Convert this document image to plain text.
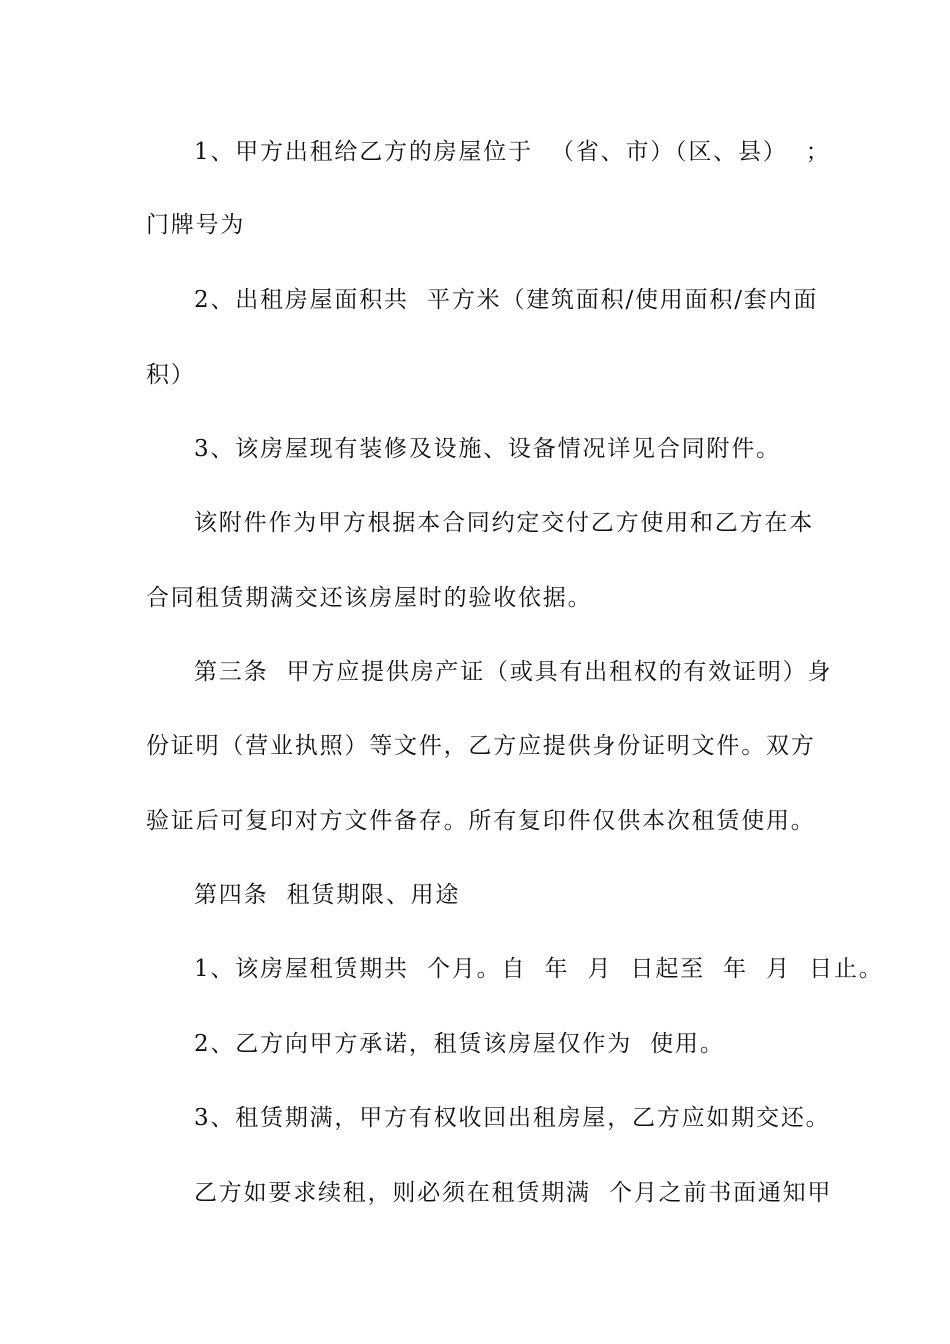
1、甲方出租给乙方的房屋位于  （省、市）（区、县）  ；
门牌号为
2、出租房屋面积共  平方米（建筑面积/使用面积/套内面
积）
3、该房屋现有装修及设施、设备情况详见合同附件。
该附件作为甲方根据本合同约定交付乙方使用和乙方在本
合同租赁期满交还该房屋时的验收依据。
第三条  甲方应提供房产证（或具有出租权的有效证明）身
份证明（营业执照）等文件，乙方应提供身份证明文件。双方
验证后可复印对方文件备存。所有复印件仅供本次租赁使用。
第四条  租赁期限、用途
1、该房屋租赁期共  个月。自  年  月  日起至  年  月  日止。
2、乙方向甲方承诺，租赁该房屋仅作为  使用。
3、租赁期满，甲方有权收回出租房屋，乙方应如期交还。
乙方如要求续租，则必须在租赁期满  个月之前书面通知甲
